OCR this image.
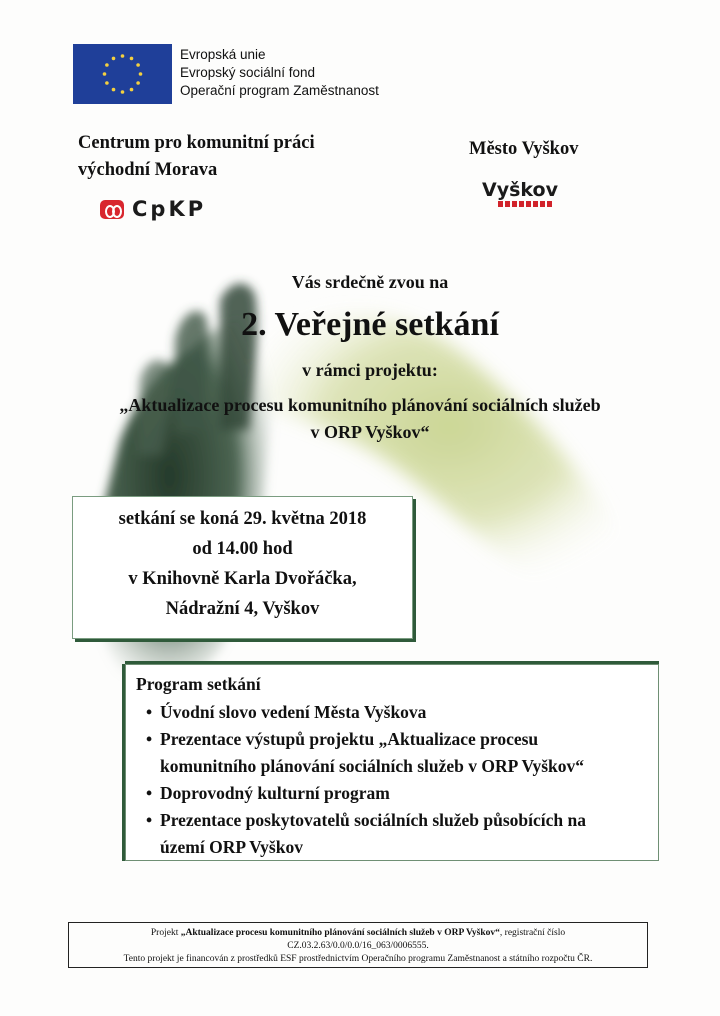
Evropská unie
Evropský sociální fond
Operační program Zaměstnanost
Centrum pro komunitní práci
východní Morava
CpKP
Město Vyškov
Vyškov
Vás srdečně zvou na
2. Veřejné setkání
v rámci projektu:
„Aktualizace procesu komunitního plánování sociálních služeb
v ORP Vyškov“
setkání se koná 29. května 2018
od 14.00 hod
v Knihovně Karla Dvořáčka,
Nádražní 4, Vyškov
Program setkání
• Úvodní slovo vedení Města Vyškova
• Prezentace výstupů projektu „Aktualizace procesu
komunitního plánování sociálních služeb v ORP Vyškov“
• Doprovodný kulturní program
• Prezentace poskytovatelů sociálních služeb působících na
území ORP Vyškov
Projekt „Aktualizace procesu komunitního plánování sociálních služeb v ORP Vyškov“, registrační číslo
CZ.03.2.63/0.0/0.0/16_063/0006555.
Tento projekt je financován z prostředků ESF prostřednictvím Operačního programu Zaměstnanost a státního rozpočtu ČR.
